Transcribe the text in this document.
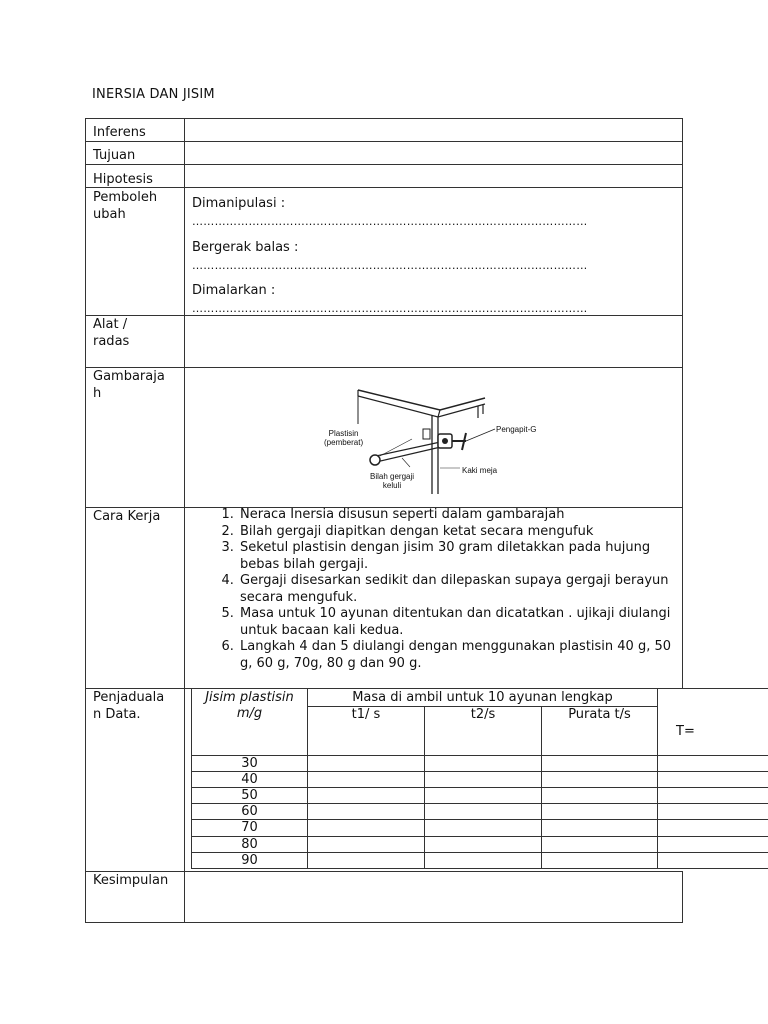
INERSIA DAN JISIM
Inferens
Tujuan
Hipotesis
Pemboleh
ubah
Alat /
radas
Gambaraja
h
Cara Kerja
Penjaduala
n Data.
Kesimpulan
Dimanipulasi :
……………………………………………………………………………………………
Bergerak balas :
……………………………………………………………………………………………
Dimalarkan :
……………………………………………………………………………………………
Plastisin
(pemberat)
Pengapit-G
Bilah gergaji
keluli
Kaki meja
1. Neraca Inersia disusun seperti dalam gambarajah
2. Bilah gergaji diapitkan dengan ketat secara mengufuk
3. Seketul plastisin dengan jisim 30 gram diletakkan pada hujung bebas bilah gergaji.
4. Gergaji disesarkan sedikit dan dilepaskan supaya gergaji berayun secara mengufuk.
5. Masa untuk 10 ayunan ditentukan dan dicatatkan . ujikaji diulangi untuk bacaan kali kedua.
6. Langkah 4 dan 5 diulangi dengan menggunakan plastisin 40 g, 50 g, 60 g, 70g, 80 g dan 90 g.
Jisim plastisin
m/g
Masa di ambil untuk 10 ayunan lengkap
t1/ s	t2/s	Purata t/s
T=
30
40
50
60
70
80
90
